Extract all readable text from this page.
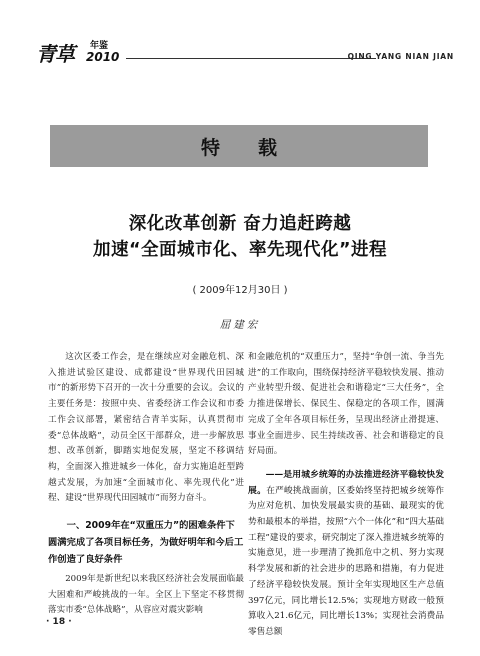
青草 年鉴
2010	QING YANG NIAN JIAN
特载
深化改革创新 奋力追赶跨越
加速“全面城市化、率先现代化”进程
( 2009年12月30日 )
屈建宏

这次区委工作会，是在继续应对金融危机、深入推进试验区建设、成都建设“世界现代田园城市”的新形势下召开的一次十分重要的会议。会议的主要任务是：按照中央、省委经济工作会议和市委工作会议部署，紧密结合青羊实际，认真贯彻市委“总体战略”，动员全区干部群众，进一步解放思想、改革创新，脚踏实地促发展，坚定不移调结构，全面深入推进城乡一体化，奋力实施追赶型跨越式发展，为加速“全面城市化、率先现代化”进程、建设“世界现代田园城市”而努力奋斗。

一、2009年在“双重压力”的困难条件下圆满完成了各项目标任务，为做好明年和今后工作创造了良好条件

2009年是新世纪以来我区经济社会发展面临最大困难和严峻挑战的一年。全区上下坚定不移贯彻落实市委“总体战略”，从容应对震灾影响

和金融危机的“双重压力”，坚持“争创一流、争当先进”的工作取向，围绕保持经济平稳较快发展、推动产业转型升级、促进社会和谐稳定“三大任务”，全力推进保增长、保民生、保稳定的各项工作，圆满完成了全年各项目标任务，呈现出经济止滑提速、事业全面进步、民生持续改善、社会和谐稳定的良好局面。

——是用城乡统筹的办法推进经济平稳较快发展。在严峻挑战面前，区委始终坚持把城乡统筹作为应对危机、加快发展最实贵的基础、最现实的优势和最根本的举措，按照“六个一体化”和“四大基础工程”建设的要求，研究制定了深入推进城乡统筹的实施意见，进一步理清了挽抓危中之机、努力实现科学发展和新的社会进步的思路和措施，有力促进了经济平稳较快发展。预计全年实现地区生产总值397亿元，同比增长12.5%；实现地方财政一般预算收入21.6亿元，同比增长13%；实现社会消费品零售总额

· 18 ·
